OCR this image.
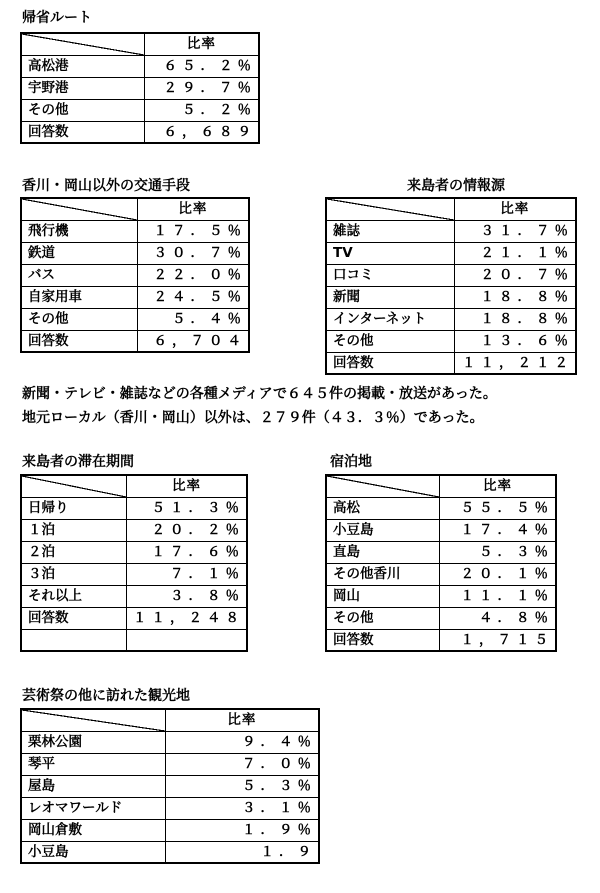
帰省ルート
	比率
高松港	６５．２％
宇野港	２９．７％
その他	５．２％
回答数	６，６８９
香川・岡山以外の交通手段
	比率
飛行機	１７．５％
鉄道	３０．７％
バス	２２．０％
自家用車	２４．５％
その他	５．４％
回答数	６，７０４
来島者の情報源
	比率
雑誌	３１．７％
TV	２１．１％
口コミ	２０．７％
新聞	１８．８％
インターネット	１８．８％
その他	１３．６％
回答数	１１，２１２
新聞・テレビ・雑誌などの各種メディアで６４５件の掲載・放送があった。
地元ローカル（香川・岡山）以外は、２７９件（４３．３％）であった。
来島者の滞在期間
	比率
日帰り	５１．３％
１泊	２０．２％
２泊	１７．６％
３泊	７．１％
それ以上	３．８％
回答数	１１，２４８

宿泊地
	比率
高松	５５．５％
小豆島	１７．４％
直島	５．３％
その他香川	２０．１％
岡山	１１．１％
その他	４．８％
回答数	１，７１５
芸術祭の他に訪れた観光地
	比率
栗林公園	９．４％
琴平	７．０％
屋島	５．３％
レオマワールド	３．１％
岡山倉敷	１．９％
小豆島	１．９
